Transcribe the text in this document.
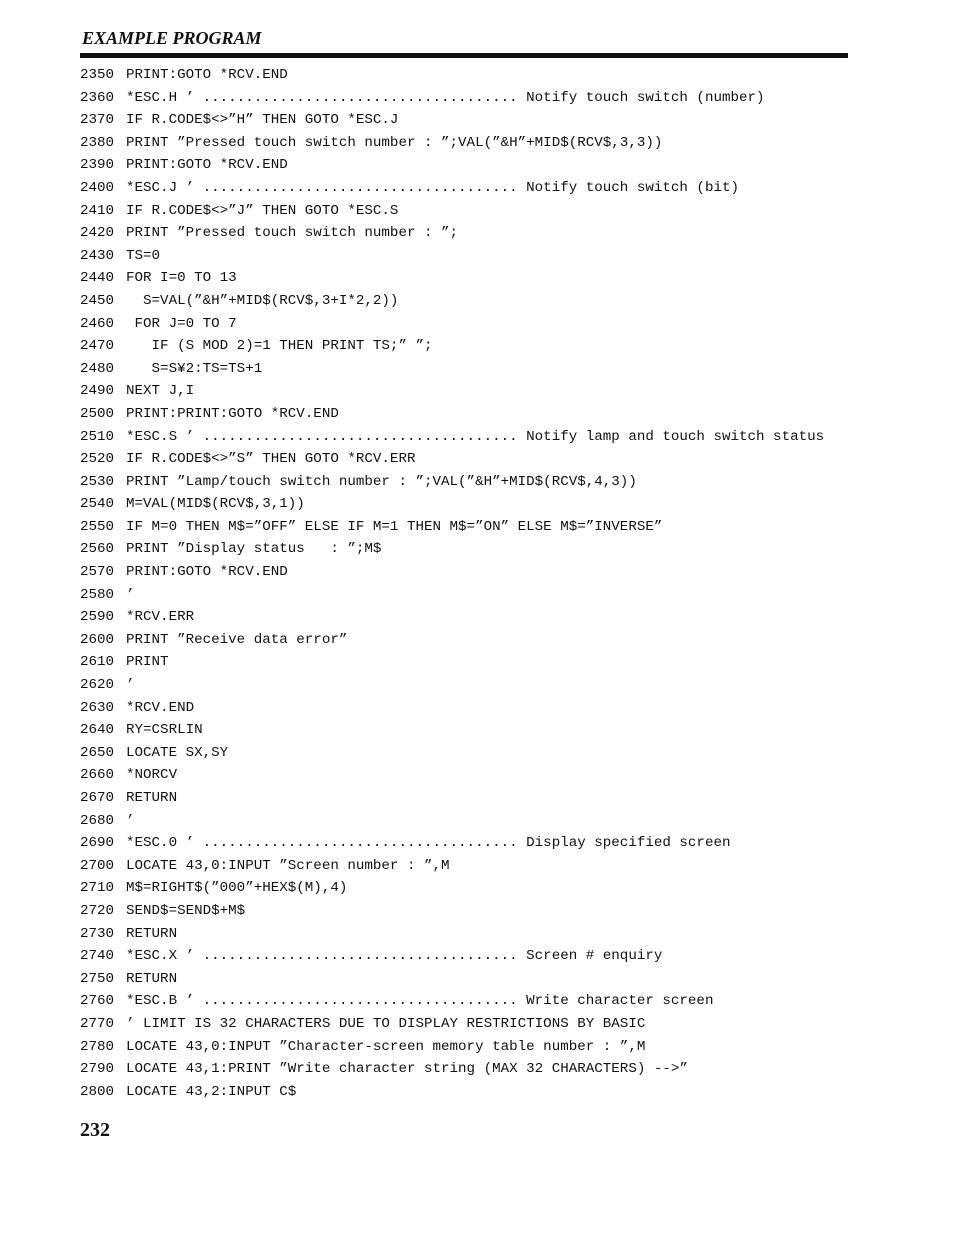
EXAMPLE PROGRAM
2350 PRINT:GOTO *RCV.END
2360 *ESC.H ’ ..................................... Notify touch switch (number)
2370 IF R.CODE$<>”H” THEN GOTO *ESC.J
2380 PRINT ”Pressed touch switch number : ”;VAL(”&H”+MID$(RCV$,3,3))
2390 PRINT:GOTO *RCV.END
2400 *ESC.J ’ ..................................... Notify touch switch (bit)
2410 IF R.CODE$<>”J” THEN GOTO *ESC.S
2420 PRINT ”Pressed touch switch number : ”;
2430 TS=0
2440 FOR I=0 TO 13
2450  S=VAL(”&H”+MID$(RCV$,3+I*2,2))
2460 FOR J=0 TO 7
2470   IF (S MOD 2)=1 THEN PRINT TS;” ”;
2480   S=S¥2:TS=TS+1
2490 NEXT J,I
2500 PRINT:PRINT:GOTO *RCV.END
2510 *ESC.S ’ ..................................... Notify lamp and touch switch status
2520 IF R.CODE$<>”S” THEN GOTO *RCV.ERR
2530 PRINT ”Lamp/touch switch number : ”;VAL(”&H”+MID$(RCV$,4,3))
2540 M=VAL(MID$(RCV$,3,1))
2550 IF M=0 THEN M$=”OFF” ELSE IF M=1 THEN M$=”ON” ELSE M$=”INVERSE”
2560 PRINT ”Display status   : ”;M$
2570 PRINT:GOTO *RCV.END
2580 ’
2590 *RCV.ERR
2600 PRINT ”Receive data error”
2610 PRINT
2620 ’
2630 *RCV.END
2640 RY=CSRLIN
2650 LOCATE SX,SY
2660 *NORCV
2670 RETURN
2680 ’
2690 *ESC.0 ’ ..................................... Display specified screen
2700 LOCATE 43,0:INPUT ”Screen number : ”,M
2710 M$=RIGHT$(”000”+HEX$(M),4)
2720 SEND$=SEND$+M$
2730 RETURN
2740 *ESC.X ’ ..................................... Screen # enquiry
2750 RETURN
2760 *ESC.B ’ ..................................... Write character screen
2770 ’ LIMIT IS 32 CHARACTERS DUE TO DISPLAY RESTRICTIONS BY BASIC
2780 LOCATE 43,0:INPUT ”Character-screen memory table number : ”,M
2790 LOCATE 43,1:PRINT ”Write character string (MAX 32 CHARACTERS) -->”
2800 LOCATE 43,2:INPUT C$
232
